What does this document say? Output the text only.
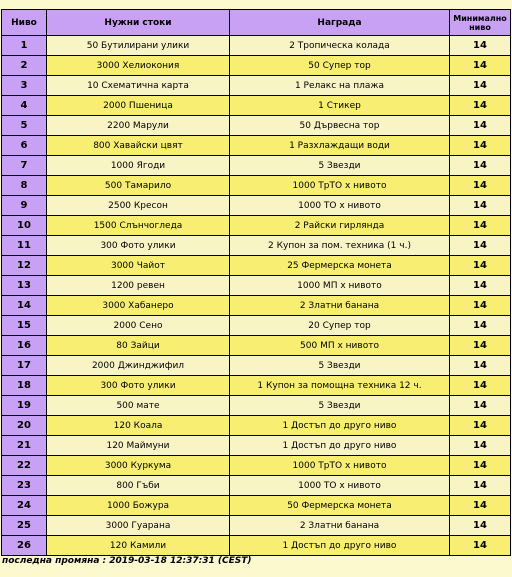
Ниво	Нужни стоки	Награда	Минимално ниво
1	50 Бутилирани улики	2 Тропическа колада	14
2	3000 Хелиокония	50 Супер тор	14
3	10 Схематична карта	1 Релакс на плажа	14
4	2000 Пшеница	1 Стикер	14
5	2200 Марули	50 Дървесна тор	14
6	800 Хавайски цвят	1 Разхлаждащи води	14
7	1000 Ягоди	5 Звезди	14
8	500 Тамарило	1000 ТрТО x нивото	14
9	2500 Кресон	1000 ТО x нивото	14
10	1500 Слънчогледа	2 Райски гирлянда	14
11	300 Фото улики	2 Купон за пом. техника (1 ч.)	14
12	3000 Чайот	25 Фермерска монета	14
13	1200 ревен	1000 МП x нивото	14
14	3000 Хабанеро	2 Златни банана	14
15	2000 Сено	20 Супер тор	14
16	80 Зайци	500 МП x нивото	14
17	2000 Джинджифил	5 Звезди	14
18	300 Фото улики	1 Купон за помощна техника 12 ч.	14
19	500 мате	5 Звезди	14
20	120 Коала	1 Достъп до друго ниво	14
21	120 Маймуни	1 Достъп до друго ниво	14
22	3000 Куркума	1000 ТрТО x нивото	14
23	800 Гъби	1000 ТО x нивото	14
24	1000 Божура	50 Фермерска монета	14
25	3000 Гуарана	2 Златни банана	14
26	120 Камили	1 Достъп до друго ниво	14
последна промяна : 2019-03-18 12:37:31 (CEST)
